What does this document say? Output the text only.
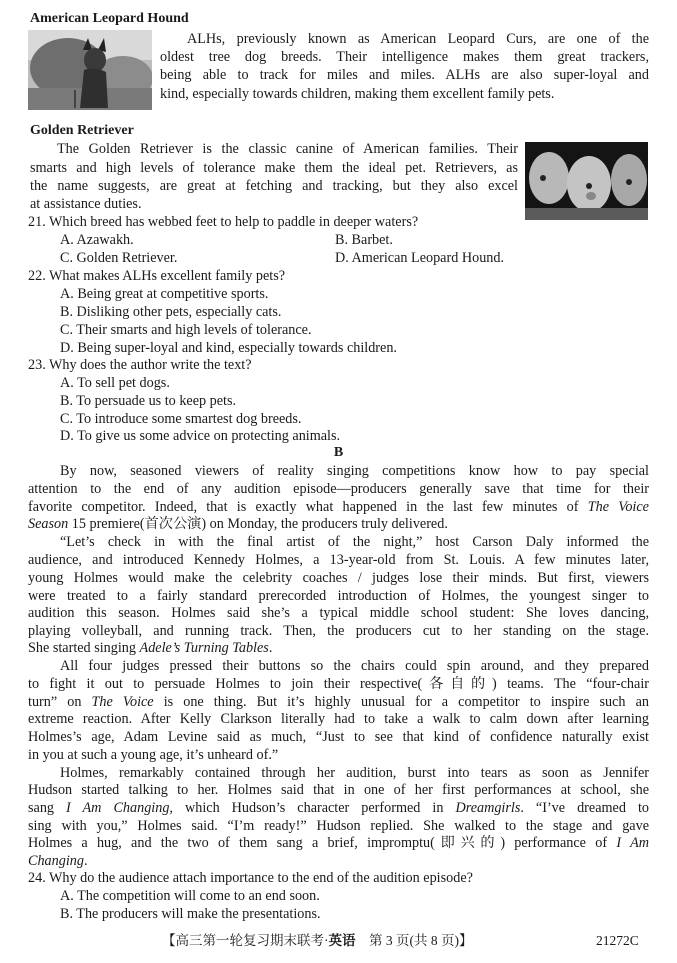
American Leopard Hound
ALHs, previously known as American Leopard Curs, are one of the
oldest tree dog breeds. Their intelligence makes them great trackers,
being able to track for miles and miles. ALHs are also super-loyal and
kind, especially towards children, making them excellent family pets.
Golden Retriever
The Golden Retriever is the classic canine of American families. Their
smarts and high levels of tolerance make them the ideal pet. Retrievers, as
the name suggests, are great at fetching and tracking, but they also excel
at assistance duties.
21. Which breed has webbed feet to help to paddle in deeper waters?
A. Azawakh.	B. Barbet.
C. Golden Retriever.	D. American Leopard Hound.
22. What makes ALHs excellent family pets?
A. Being great at competitive sports.
B. Disliking other pets, especially cats.
C. Their smarts and high levels of tolerance.
D. Being super-loyal and kind, especially towards children.
23. Why does the author write the text?
A. To sell pet dogs.
B. To persuade us to keep pets.
C. To introduce some smartest dog breeds.
D. To give us some advice on protecting animals.
B
By now, seasoned viewers of reality singing competitions know how to pay special
attention to the end of any audition episode—producers generally save that time for their
favorite competitor. Indeed, that is exactly what happened in the last few minutes of The Voice
Season 15 premiere(首次公演) on Monday, the producers truly delivered.
“Let’s check in with the final artist of the night,” host Carson Daly informed the
audience, and introduced Kennedy Holmes, a 13-year-old from St. Louis. A few minutes later,
young Holmes would make the celebrity coaches / judges lose their minds. But first, viewers
were treated to a fairly standard prerecorded introduction of Holmes, the youngest singer to
audition this season. Holmes said she’s a typical middle school student: She loves dancing,
playing volleyball, and running track. Then, the producers cut to her standing on the stage.
She started singing Adele’s Turning Tables.
All four judges pressed their buttons so the chairs could spin around, and they prepared
to fight it out to persuade Holmes to join their respective(各自的) teams. The “four-chair
turn” on The Voice is one thing. But it’s highly unusual for a competitor to inspire such an
extreme reaction. After Kelly Clarkson literally had to take a walk to calm down after learning
Holmes’s age, Adam Levine said as much, “Just to see that kind of confidence naturally exist
in you at such a young age, it’s unheard of.”
Holmes, remarkably contained through her audition, burst into tears as soon as Jennifer
Hudson started talking to her. Holmes said that in one of her first performances at school, she
sang I Am Changing, which Hudson’s character performed in Dreamgirls. “I’ve dreamed to
sing with you,” Holmes said. “I’m ready!” Hudson replied. She walked to the stage and gave
Holmes a hug, and the two of them sang a brief, impromptu(即兴的) performance of I Am
Changing.
24. Why do the audience attach importance to the end of the audition episode?
A. The competition will come to an end soon.
B. The producers will make the presentations.
【高三第一轮复习期末联考·英语　第 3 页(共 8 页)】	21272C
